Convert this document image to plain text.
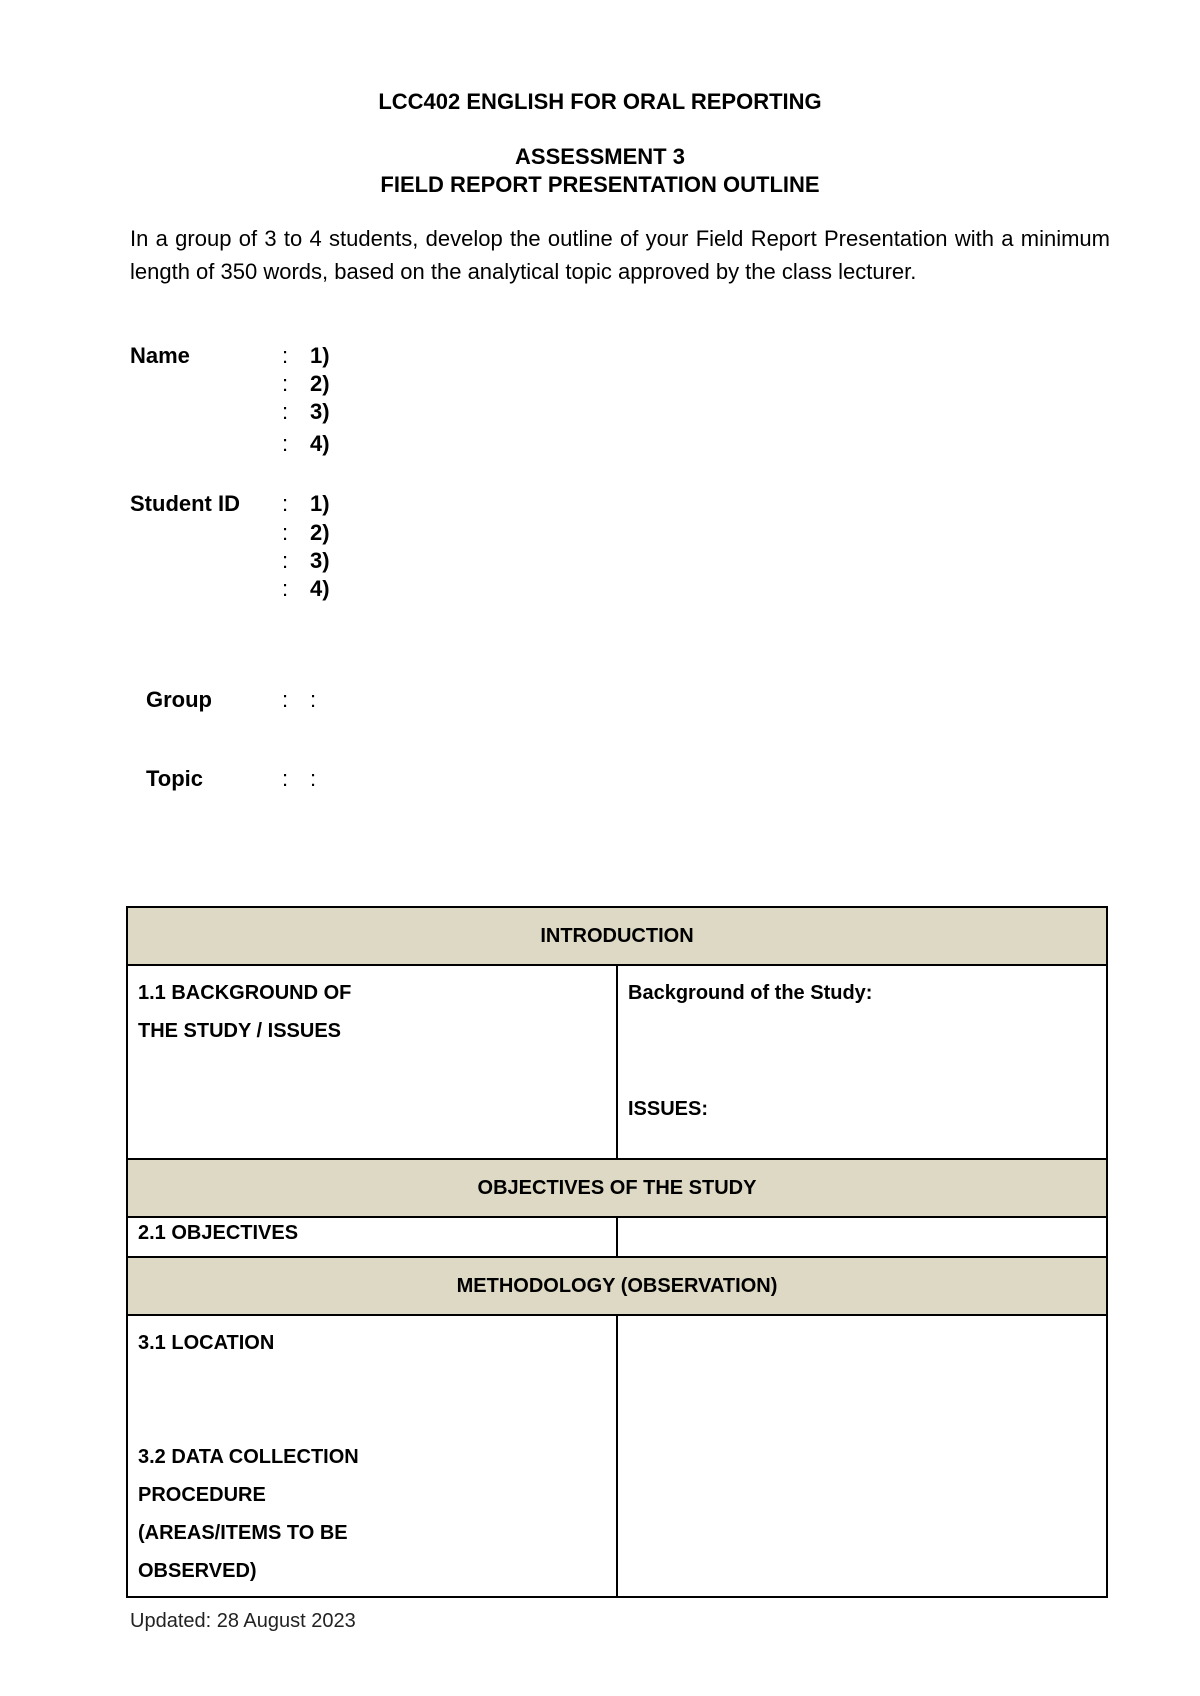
LCC402 ENGLISH FOR ORAL REPORTING
ASSESSMENT 3
FIELD REPORT PRESENTATION OUTLINE
In a group of 3 to 4 students, develop the outline of your Field Report Presentation with a minimum length of 350 words, based on the analytical topic approved by the class lecturer.
Name	: 1)
: 2)
: 3)
: 4)
Student ID : 1)
: 2)
: 3)
: 4)
Group	: :
Topic	: :
INTRODUCTION	

1.1 BACKGROUND OF
THE STUDY / ISSUES	Background of the Study:
ISSUES:

OBJECTIVES OF THE STUDY	
2.1 OBJECTIVES	
METHODOLOGY (OBSERVATION)	

3.1 LOCATION
3.2 DATA COLLECTION
PROCEDURE
(AREAS/ITEMS TO BE
OBSERVED)	

Updated: 28 August 2023
